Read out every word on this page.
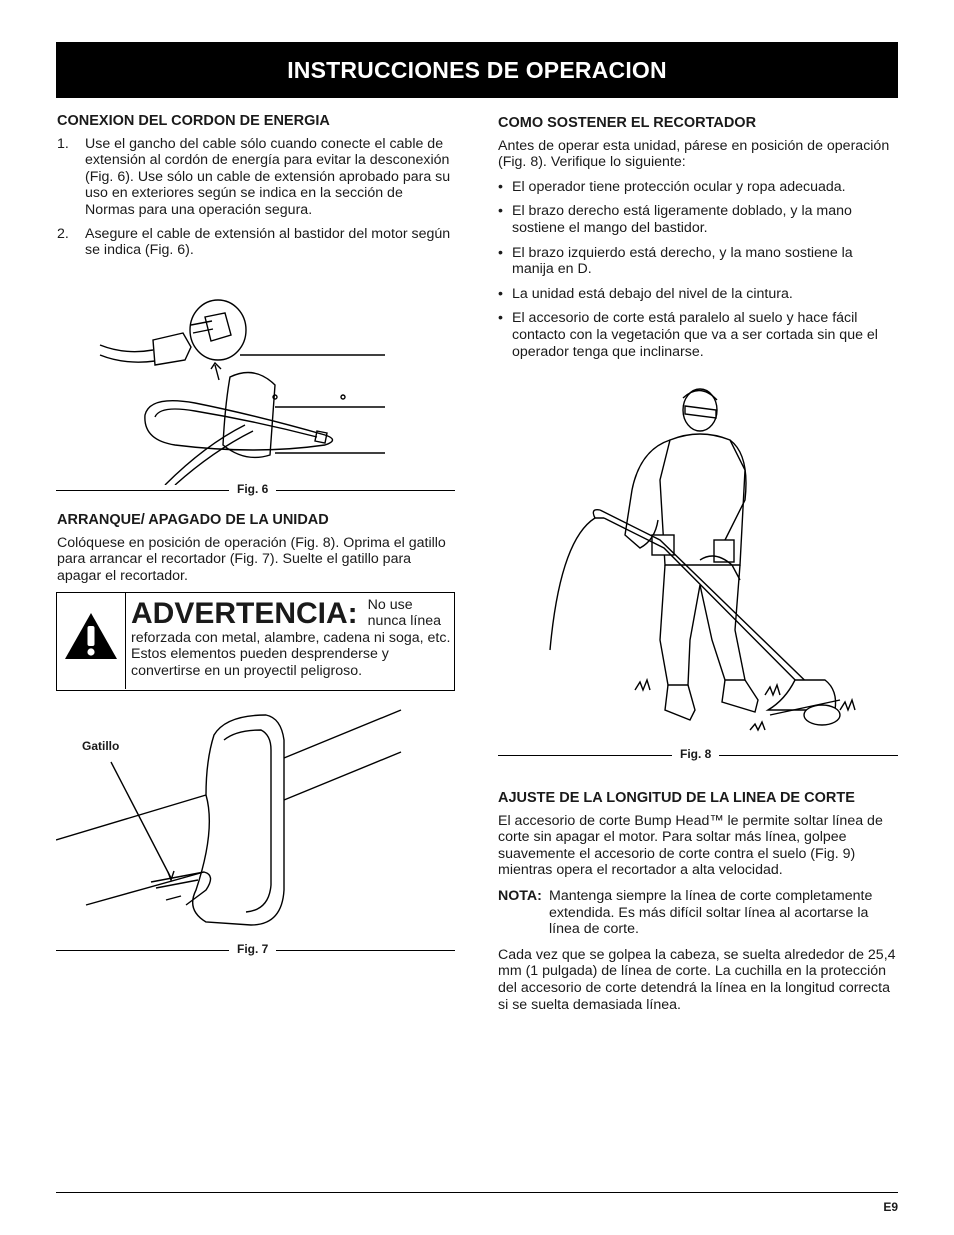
INSTRUCCIONES DE OPERACION
CONEXION DEL CORDON DE ENERGIA
1.	Use el gancho del cable sólo cuando conecte el cable de extensión al cordón de energía para evitar la desconexión (Fig. 6). Use sólo un cable de extensión aprobado para su uso en exteriores según se indica en la sección de Normas para una operación segura.
2.	Asegure el cable de extensión al bastidor del motor según se indica (Fig. 6).
Fig. 6
ARRANQUE/ APAGADO DE LA UNIDAD

Colóquese en posición de operación (Fig. 8). Oprima el gatillo para arrancar el recortador (Fig. 7). Suelte el gatillo para apagar el recortador.

ADVERTENCIA: No use nunca línea reforzada con metal, alambre, cadena ni soga, etc. Estos elementos pueden desprenderse y convertirse en un proyectil peligroso.
Gatillo
Fig. 7
COMO SOSTENER EL RECORTADOR

Antes de operar esta unidad, párese en posición de operación (Fig. 8). Verifique lo siguiente:

• El operador tiene protección ocular y ropa adecuada.
• El brazo derecho está ligeramente doblado, y la mano sostiene el mango del bastidor.
• El brazo izquierdo está derecho, y la mano sostiene la manija en D.
• La unidad está debajo del nivel de la cintura.
• El accesorio de corte está paralelo al suelo y hace fácil contacto con la vegetación que va a ser cortada sin que el operador tenga que inclinarse.
Fig. 8
AJUSTE DE LA LONGITUD DE LA LINEA DE CORTE

El accesorio de corte Bump Head™ le permite soltar línea de corte sin apagar el motor. Para soltar más línea, golpee suavemente el accesorio de corte contra el suelo (Fig. 9) mientras opera el recortador a alta velocidad.

NOTA: Mantenga siempre la línea de corte completamente extendida. Es más difícil soltar línea al acortarse la línea de corte.

Cada vez que se golpea la cabeza, se suelta alrededor de 25,4 mm (1 pulgada) de línea de corte. La cuchilla en la protección del accesorio de corte detendrá la línea en la longitud correcta si se suelta demasiada línea.

E9
